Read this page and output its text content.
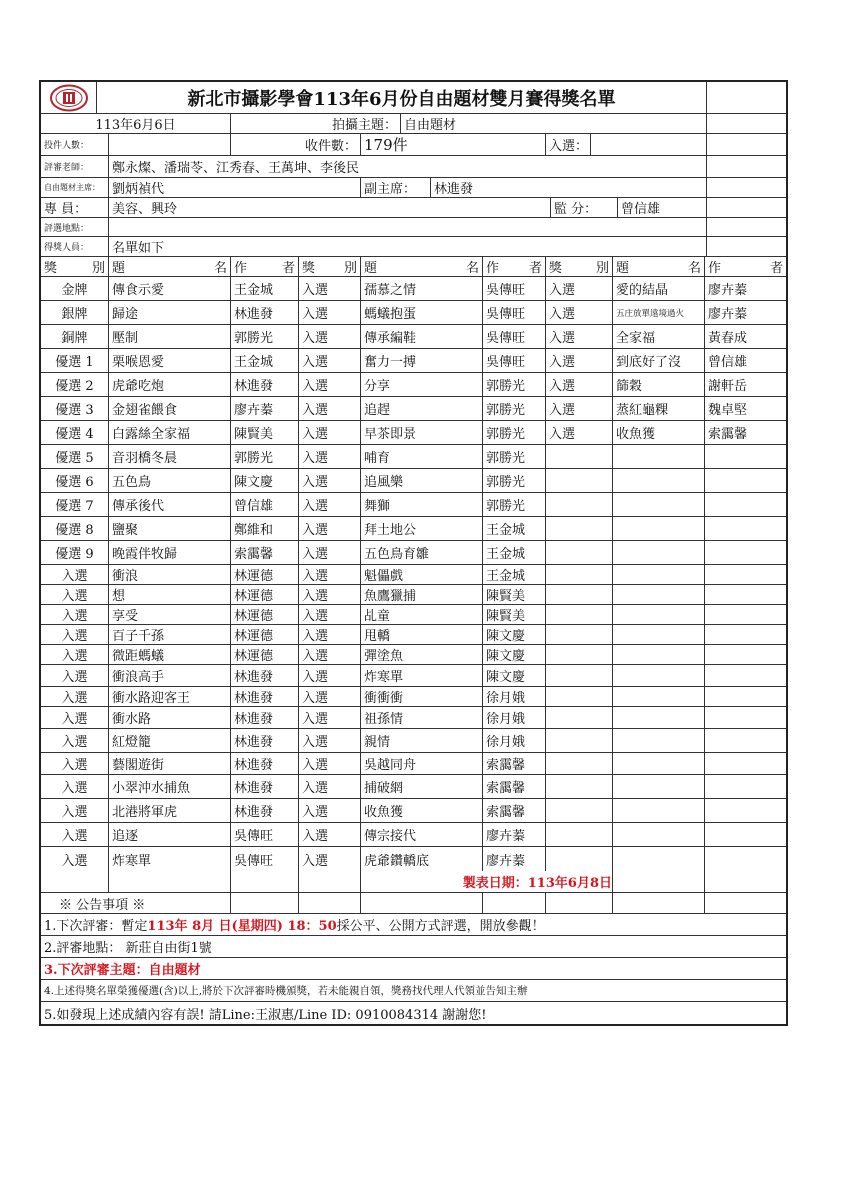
新北市攝影學會113年6月份自由題材雙月賽得獎名單
113年6月6日	拍攝主題： 自由題材
投件人數：	收件數： 179件	入選：
評審老師：	鄭永燦、潘瑞苓、江秀春、王萬坤、李後民
自由題材主席： 劉炳禎代	副主席：	林進發
專 員：	美容、興玲	監 分：	曾信雄
評選地點：
得獎人員：	名單如下
獎	別 題	名 作	者 獎 別 題	名 作 者 獎	別 題	名 作	者
金牌	傳食示愛	王金城	入選	孺慕之情	吳傳旺	入選	愛的結晶	廖卉蓁
銀牌	歸途	林進發	入選	螞蟻抱蛋	吳傳旺	入選	五庄放單遠境過火	廖卉蓁
銅牌	壓制	郭勝光	入選	傳承編鞋	吳傳旺	入選	全家福	黃春成
優選 1	栗喉恩愛	王金城	入選	奮力一搏	吳傳旺	入選	到底好了沒	曾信雄
優選 2	虎爺吃炮	林進發	入選	分享	郭勝光	入選	篩穀	謝軒岳
優選 3	金翅雀餵食	廖卉蓁	入選	追趕	郭勝光	入選	蒸紅龜粿	魏卓堅
優選 4	白露絲全家福	陳賢美	入選	早茶即景	郭勝光	入選	收魚獲	索靄馨
優選 5	音羽橋冬晨	郭勝光	入選	哺育	郭勝光
優選 6	五色鳥	陳文慶	入選	追風樂	郭勝光
優選 7	傳承後代	曾信雄	入選	舞獅	郭勝光
優選 8	鹽聚	鄭維和	入選	拜土地公	王金城
優選 9	晚霞伴牧歸	索靄馨	入選	五色鳥育雛	王金城
入選	衝浪	林運德	入選	魁儡戲	王金城
入選	想	林運德	入選	魚鷹獵捕	陳賢美
入選	享受	林運德	入選	乩童	陳賢美
入選	百子千孫	林運德	入選	甩轎	陳文慶
入選	微距螞蟻	林運德	入選	彈塗魚	陳文慶
入選	衝浪高手	林進發	入選	炸寒單	陳文慶
入選	衝水路迎客王	林進發	入選	衝衝衝	徐月娥
入選	衝水路	林進發	入選	祖孫情	徐月娥
入選	紅燈籠	林進發	入選	親情	徐月娥
入選	藝閣遊街	林進發	入選	吳越同舟	索靄馨
入選	小翠沖水捕魚	林進發	入選	捕破網	索靄馨
入選	北港將軍虎	林進發	入選	收魚獲	索靄馨
入選	追逐	吳傳旺	入選	傳宗接代	廖卉蓁
入選	炸寒單	吳傳旺	入選	虎爺鑽轎底	廖卉蓁
製表日期：113年6月8日
※ 公告事項 ※
1.下次評審：暫定 113年 8月 日(星期四) 18：50 採公平、公開方式評選，開放參觀！
2.評審地點： 新莊自由街1號
3.下次評審主題：自由題材
4.上述得獎名單榮獲優選(含)以上,將於下次評審時機頒獎，若未能親自領，獎務找代理人代領並告知主辦
5.如發現上述成績內容有誤! 請Line:王淑惠/Line ID: 0910084314 謝謝您!
